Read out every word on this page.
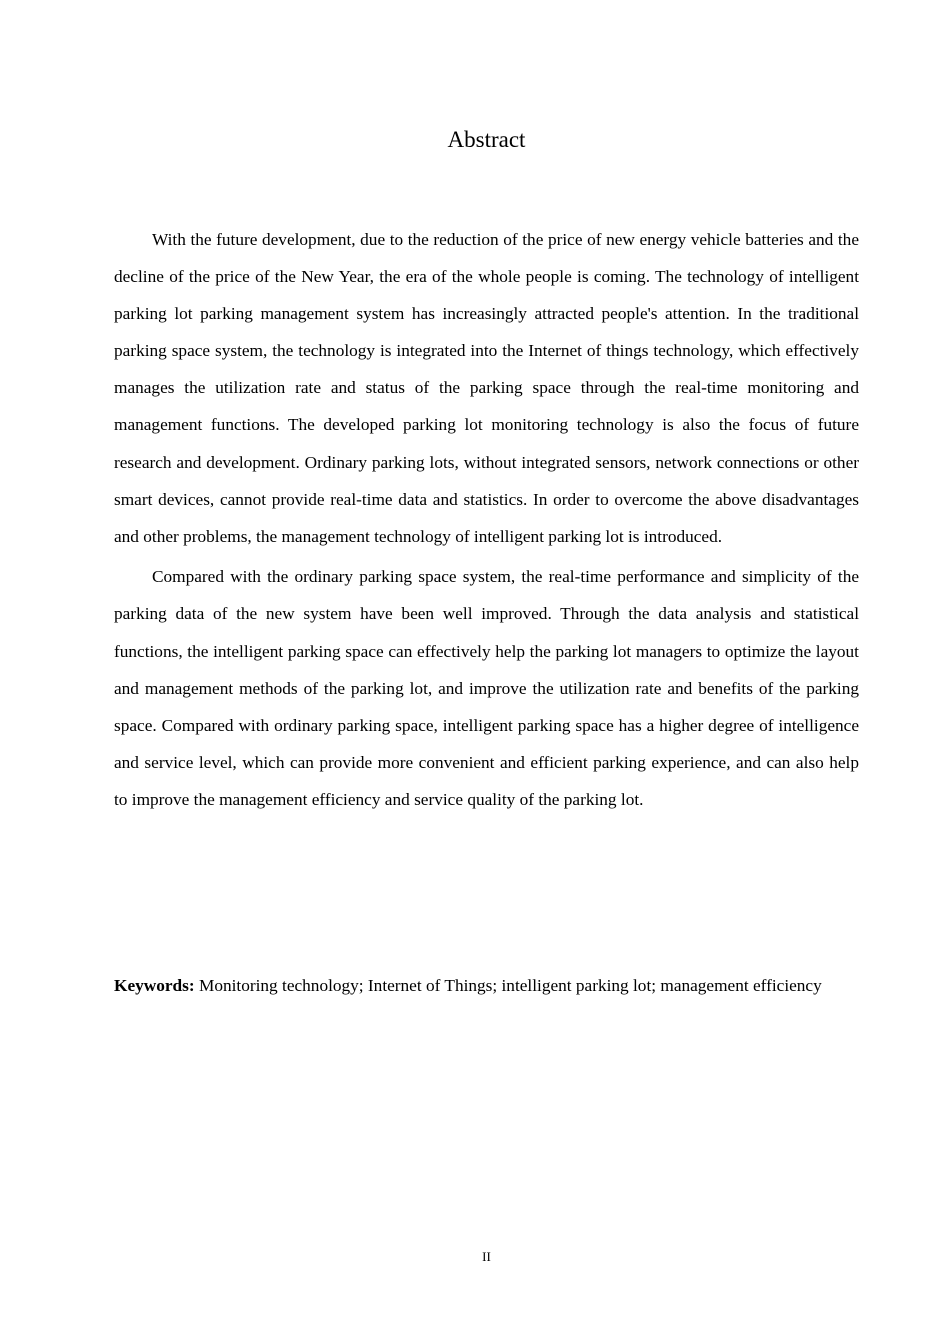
Abstract

With the future development, due to the reduction of the price of new energy vehicle batteries and the decline of the price of the New Year, the era of the whole people is coming. The technology of intelligent parking lot parking management system has increasingly attracted people's attention. In the traditional parking space system, the technology is integrated into the Internet of things technology, which effectively manages the utilization rate and status of the parking space through the real-time monitoring and management functions. The developed parking lot monitoring technology is also the focus of future research and development. Ordinary parking lots, without integrated sensors, network connections or other smart devices, cannot provide real-time data and statistics. In order to overcome the above disadvantages and other problems, the management technology of intelligent parking lot is introduced.

Compared with the ordinary parking space system, the real-time performance and simplicity of the parking data of the new system have been well improved. Through the data analysis and statistical functions, the intelligent parking space can effectively help the parking lot managers to optimize the layout and management methods of the parking lot, and improve the utilization rate and benefits of the parking space. Compared with ordinary parking space, intelligent parking space has a higher degree of intelligence and service level, which can provide more convenient and efficient parking experience, and can also help to improve the management efficiency and service quality of the parking lot.

Keywords: Monitoring technology; Internet of Things; intelligent parking lot; management efficiency
II
